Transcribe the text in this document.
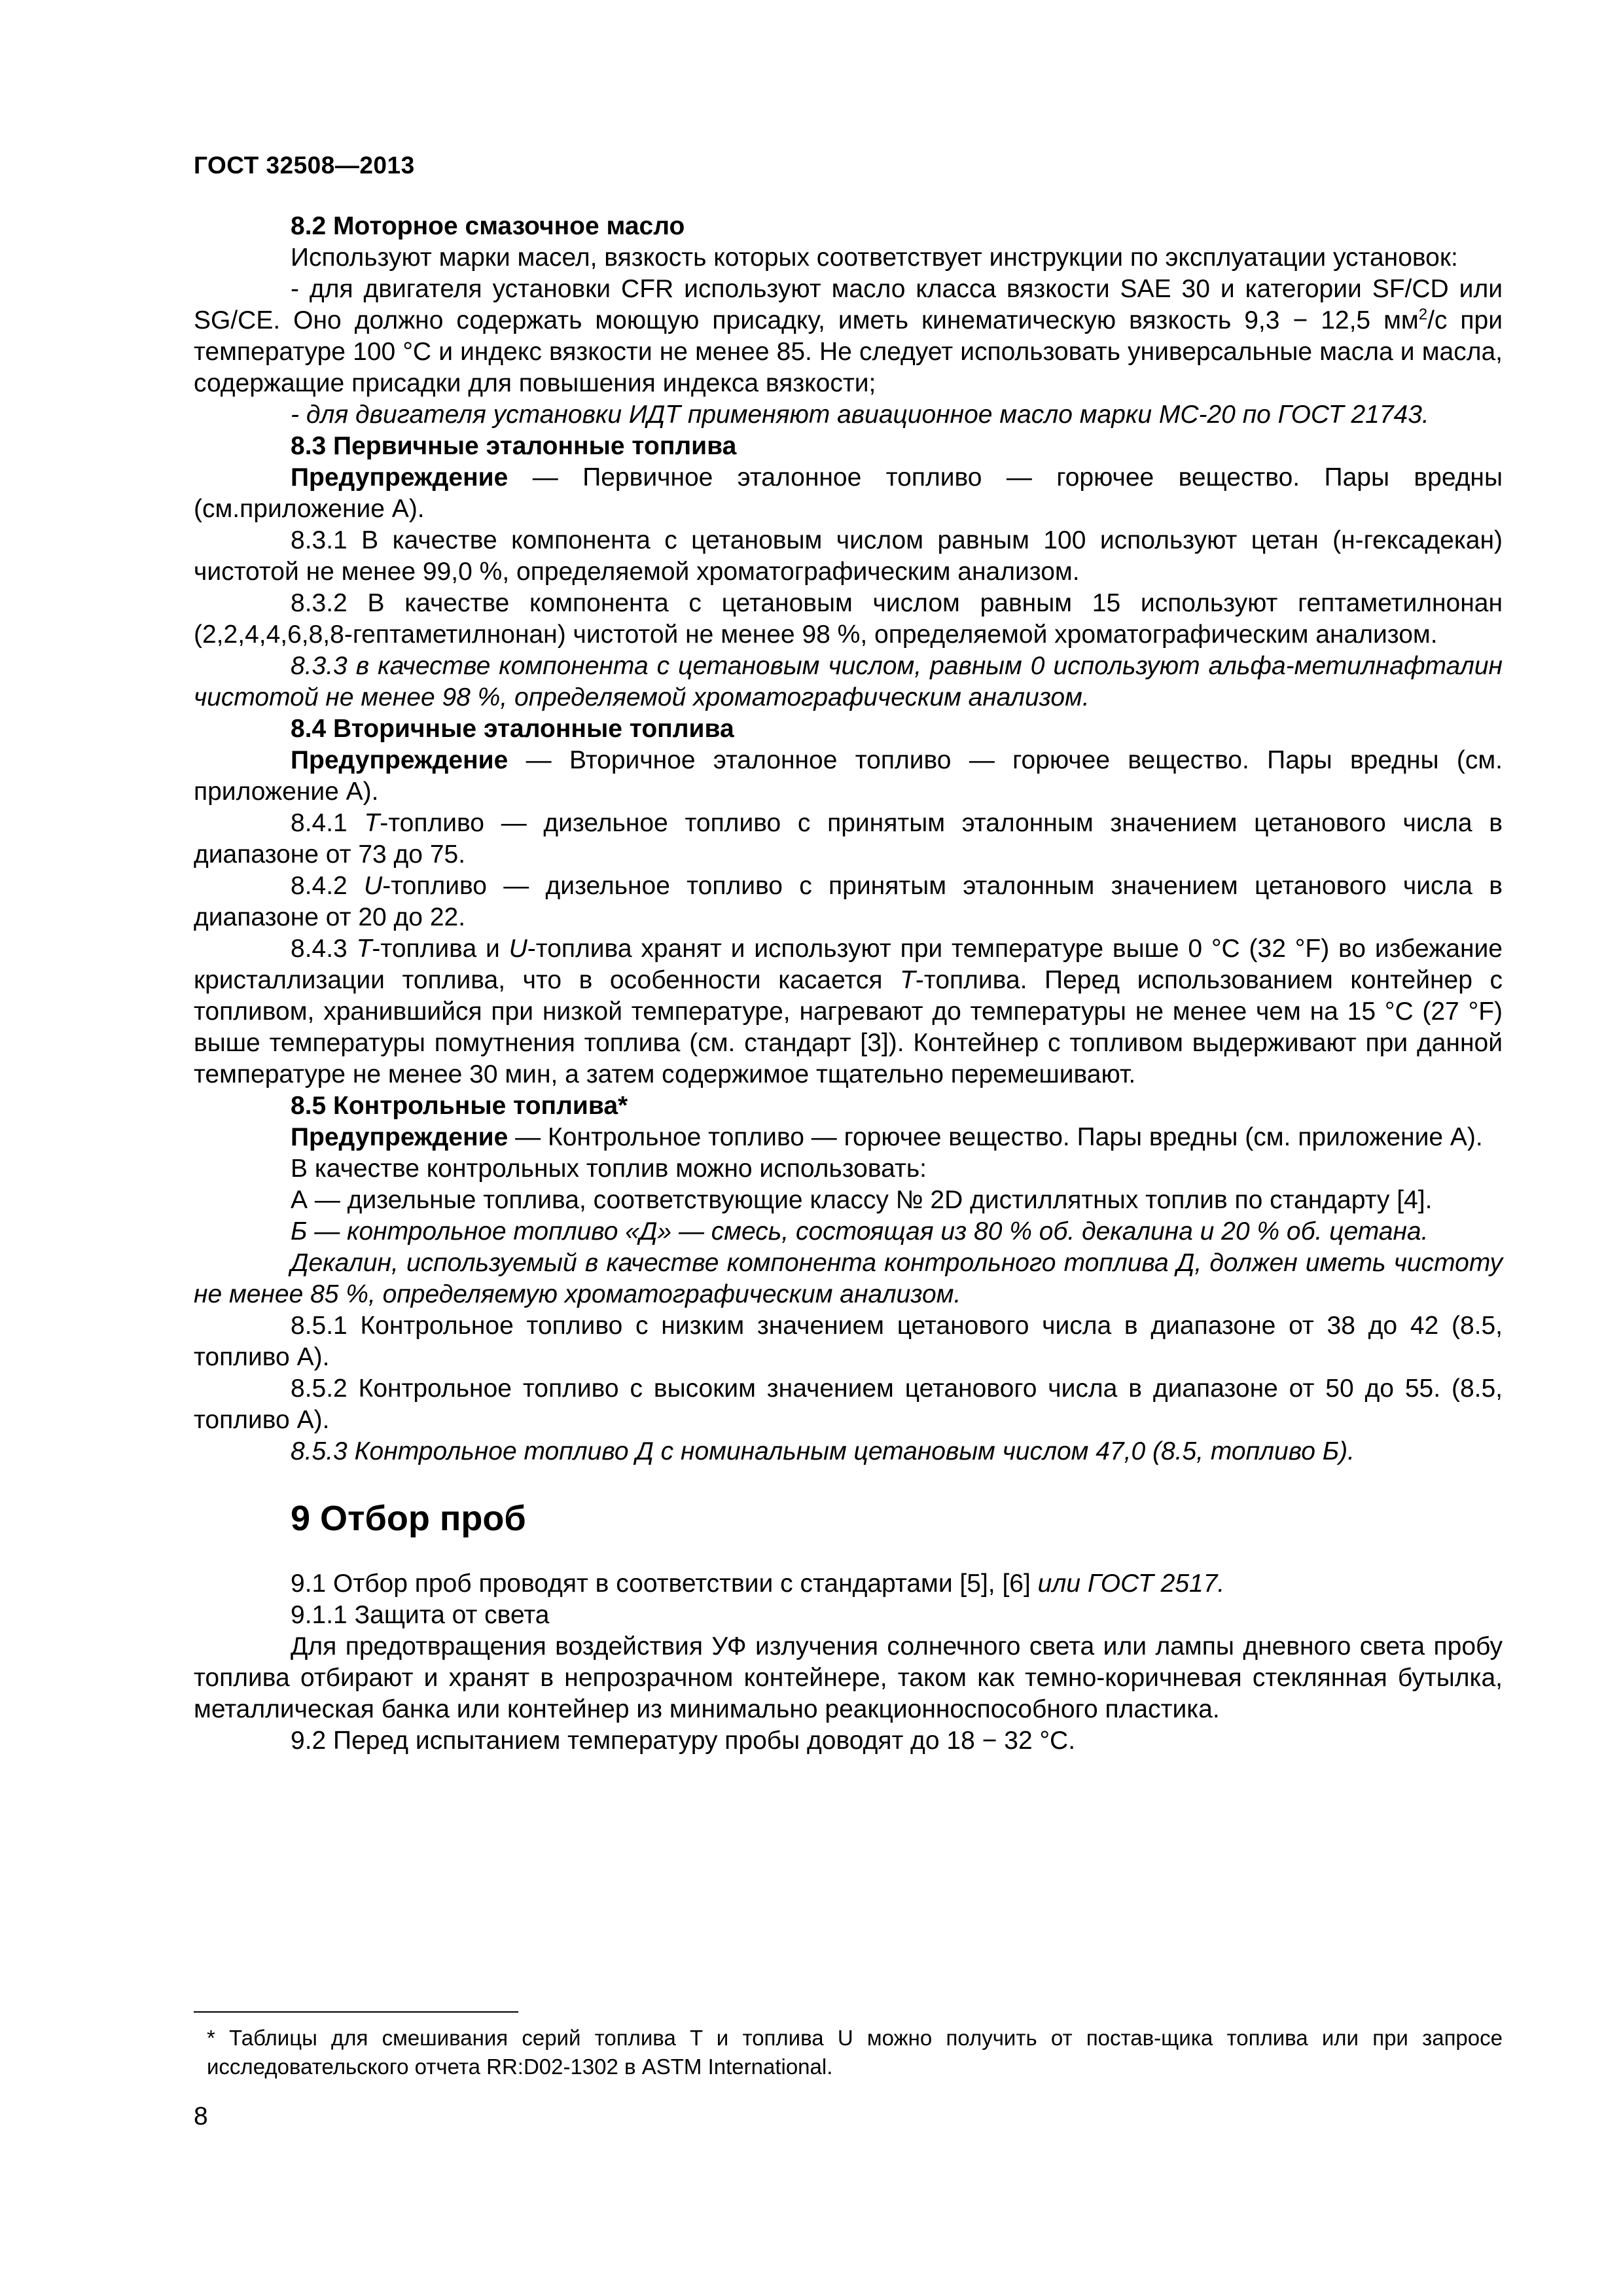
ГОСТ 32508—2013

8.2 Моторное смазочное масло

Используют марки масел, вязкость которых соответствует инструкции по эксплуатации установок:

- для двигателя установки CFR используют масло класса вязкости SAE 30 и категории SF/CD или SG/CE. Оно должно содержать моющую присадку, иметь кинематическую вязкость 9,3 − 12,5 $мм^2/с$ при температуре 100 °С и индекс вязкости не менее 85. Не следует использовать универсальные масла и масла, содержащие присадки для повышения индекса вязкости;

- для двигателя установки ИДТ применяют авиационное масло марки МС-20 по ГОСТ 21743.

8.3 Первичные эталонные топлива

Предупреждение — Первичное эталонное топливо — горючее вещество. Пары вредны (см.приложение А).

8.3.1 В качестве компонента с цетановым числом равным 100 используют цетан (н-гексадекан) чистотой не менее 99,0 %, определяемой хроматографическим анализом.

8.3.2 В качестве компонента с цетановым числом равным 15 используют гептаметилнонан (2,2,4,4,6,8,8-гептаметилнонан) чистотой не менее 98 %, определяемой хроматографическим анализом.

8.3.3 в качестве компонента с цетановым числом, равным 0 используют альфа-метилнафталин чистотой не менее 98 %, определяемой хроматографическим анализом.

8.4 Вторичные эталонные топлива

Предупреждение — Вторичное эталонное топливо — горючее вещество. Пары вредны (см. приложение А).

8.4.1 Т-топливо — дизельное топливо с принятым эталонным значением цетанового числа в диапазоне от 73 до 75.

8.4.2 U-топливо — дизельное топливо с принятым эталонным значением цетанового числа в диапазоне от 20 до 22.

8.4.3 Т-топлива и U-топлива хранят и используют при температуре выше 0 °С (32 °F) во избежание кристаллизации топлива, что в особенности касается Т-топлива. Перед использованием контейнер с топливом, хранившийся при низкой температуре, нагревают до температуры не менее чем на 15 °С (27 °F) выше температуры помутнения топлива (см. стандарт [3]). Контейнер с топливом выдерживают при данной температуре не менее 30 мин, а затем содержимое тщательно перемешивают.

8.5 Контрольные топлива*

Предупреждение — Контрольное топливо — горючее вещество. Пары вредны (см. приложение А).

В качестве контрольных топлив можно использовать:

А — дизельные топлива, соответствующие классу № 2D дистиллятных топлив по стандарту [4].

Б — контрольное топливо «Д» — смесь, состоящая из 80 % об. декалина и 20 % об. цетана.

Декалин, используемый в качестве компонента контрольного топлива Д, должен иметь чистоту не менее 85 %, определяемую хроматографическим анализом.

8.5.1 Контрольное топливо с низким значением цетанового числа в диапазоне от 38 до 42 (8.5, топливо А).

8.5.2 Контрольное топливо с высоким значением цетанового числа в диапазоне от 50 до 55. (8.5, топливо А).

8.5.3 Контрольное топливо Д с номинальным цетановым числом 47,0 (8.5, топливо Б).

9 Отбор проб

9.1 Отбор проб проводят в соответствии с стандартами [5], [6] или ГОСТ 2517.

9.1.1 Защита от света

Для предотвращения воздействия УФ излучения солнечного света или лампы дневного света пробу топлива отбирают и хранят в непрозрачном контейнере, таком как темно-коричневая стеклянная бутылка, металлическая банка или контейнер из минимально реакционноспособного пластика.

9.2 Перед испытанием температуру пробы доводят до 18 − 32 °С.

* Таблицы для смешивания серий топлива T и топлива U можно получить от постав-щика топлива или при запросе исследовательского отчета RR:D02-1302 в ASTM International.
8
